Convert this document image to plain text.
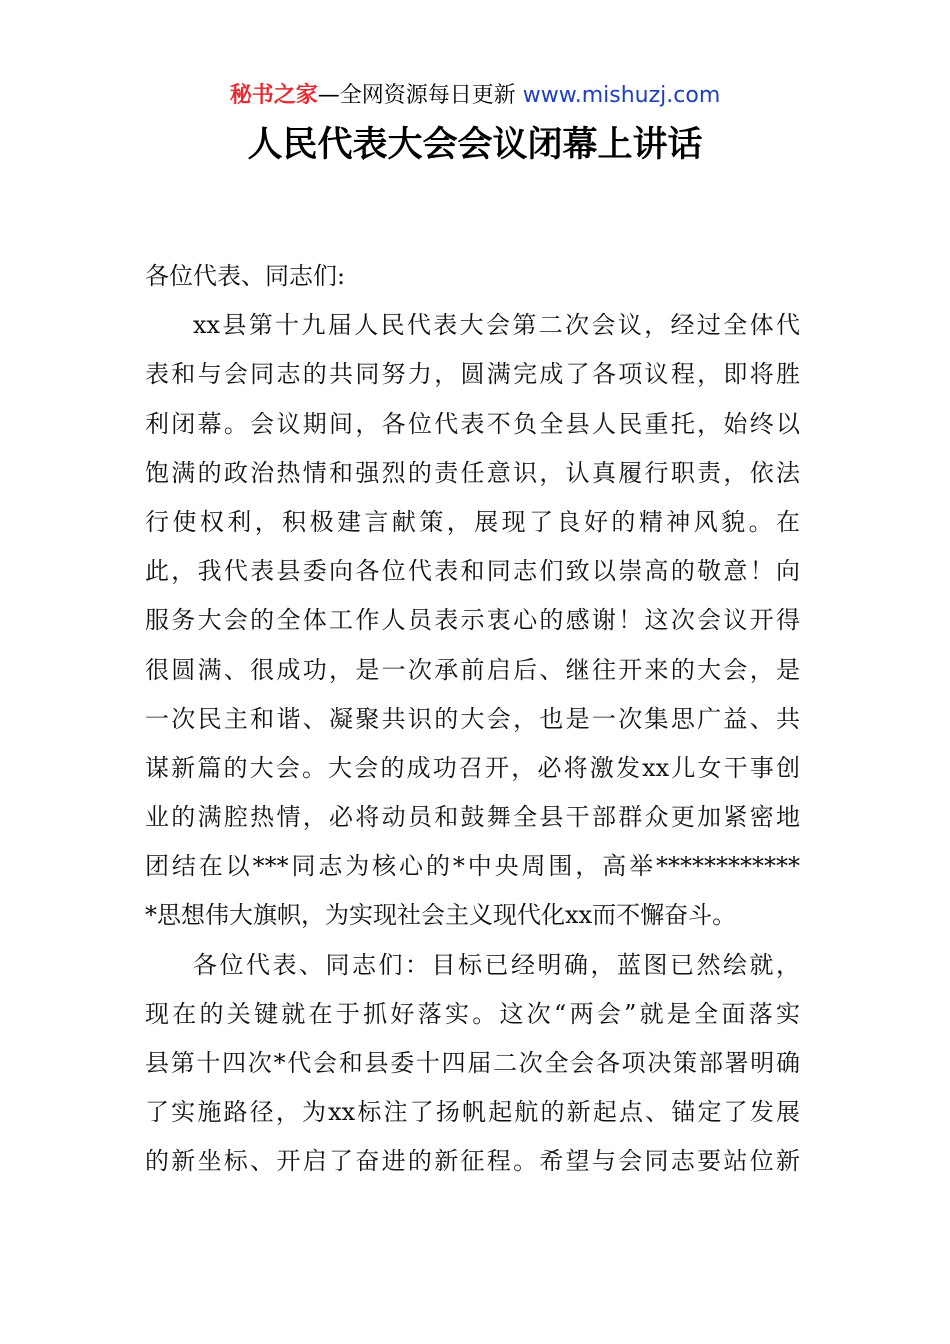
秘书之家—全网资源每日更新 www.mishuzj.com
人民代表大会会议闭幕上讲话
各位代表、同志们:
xx县第十九届人民代表大会第二次会议，经过全体代
表和与会同志的共同努力，圆满完成了各项议程，即将胜
利闭幕。会议期间，各位代表不负全县人民重托，始终以
饱满的政治热情和强烈的责任意识，认真履行职责，依法
行使权利，积极建言献策，展现了良好的精神风貌。在
此，我代表县委向各位代表和同志们致以崇高的敬意！向
服务大会的全体工作人员表示衷心的感谢！这次会议开得
很圆满、很成功，是一次承前启后、继往开来的大会，是
一次民主和谐、凝聚共识的大会，也是一次集思广益、共
谋新篇的大会。大会的成功召开，必将激发xx儿女干事创
业的满腔热情，必将动员和鼓舞全县干部群众更加紧密地
团结在以***同志为核心的*中央周围，高举************
*思想伟大旗帜，为实现社会主义现代化xx而不懈奋斗。
各位代表、同志们：目标已经明确，蓝图已然绘就，
现在的关键就在于抓好落实。这次“两会”就是全面落实
县第十四次*代会和县委十四届二次全会各项决策部署明确
了实施路径，为xx标注了扬帆起航的新起点、锚定了发展
的新坐标、开启了奋进的新征程。希望与会同志要站位新
